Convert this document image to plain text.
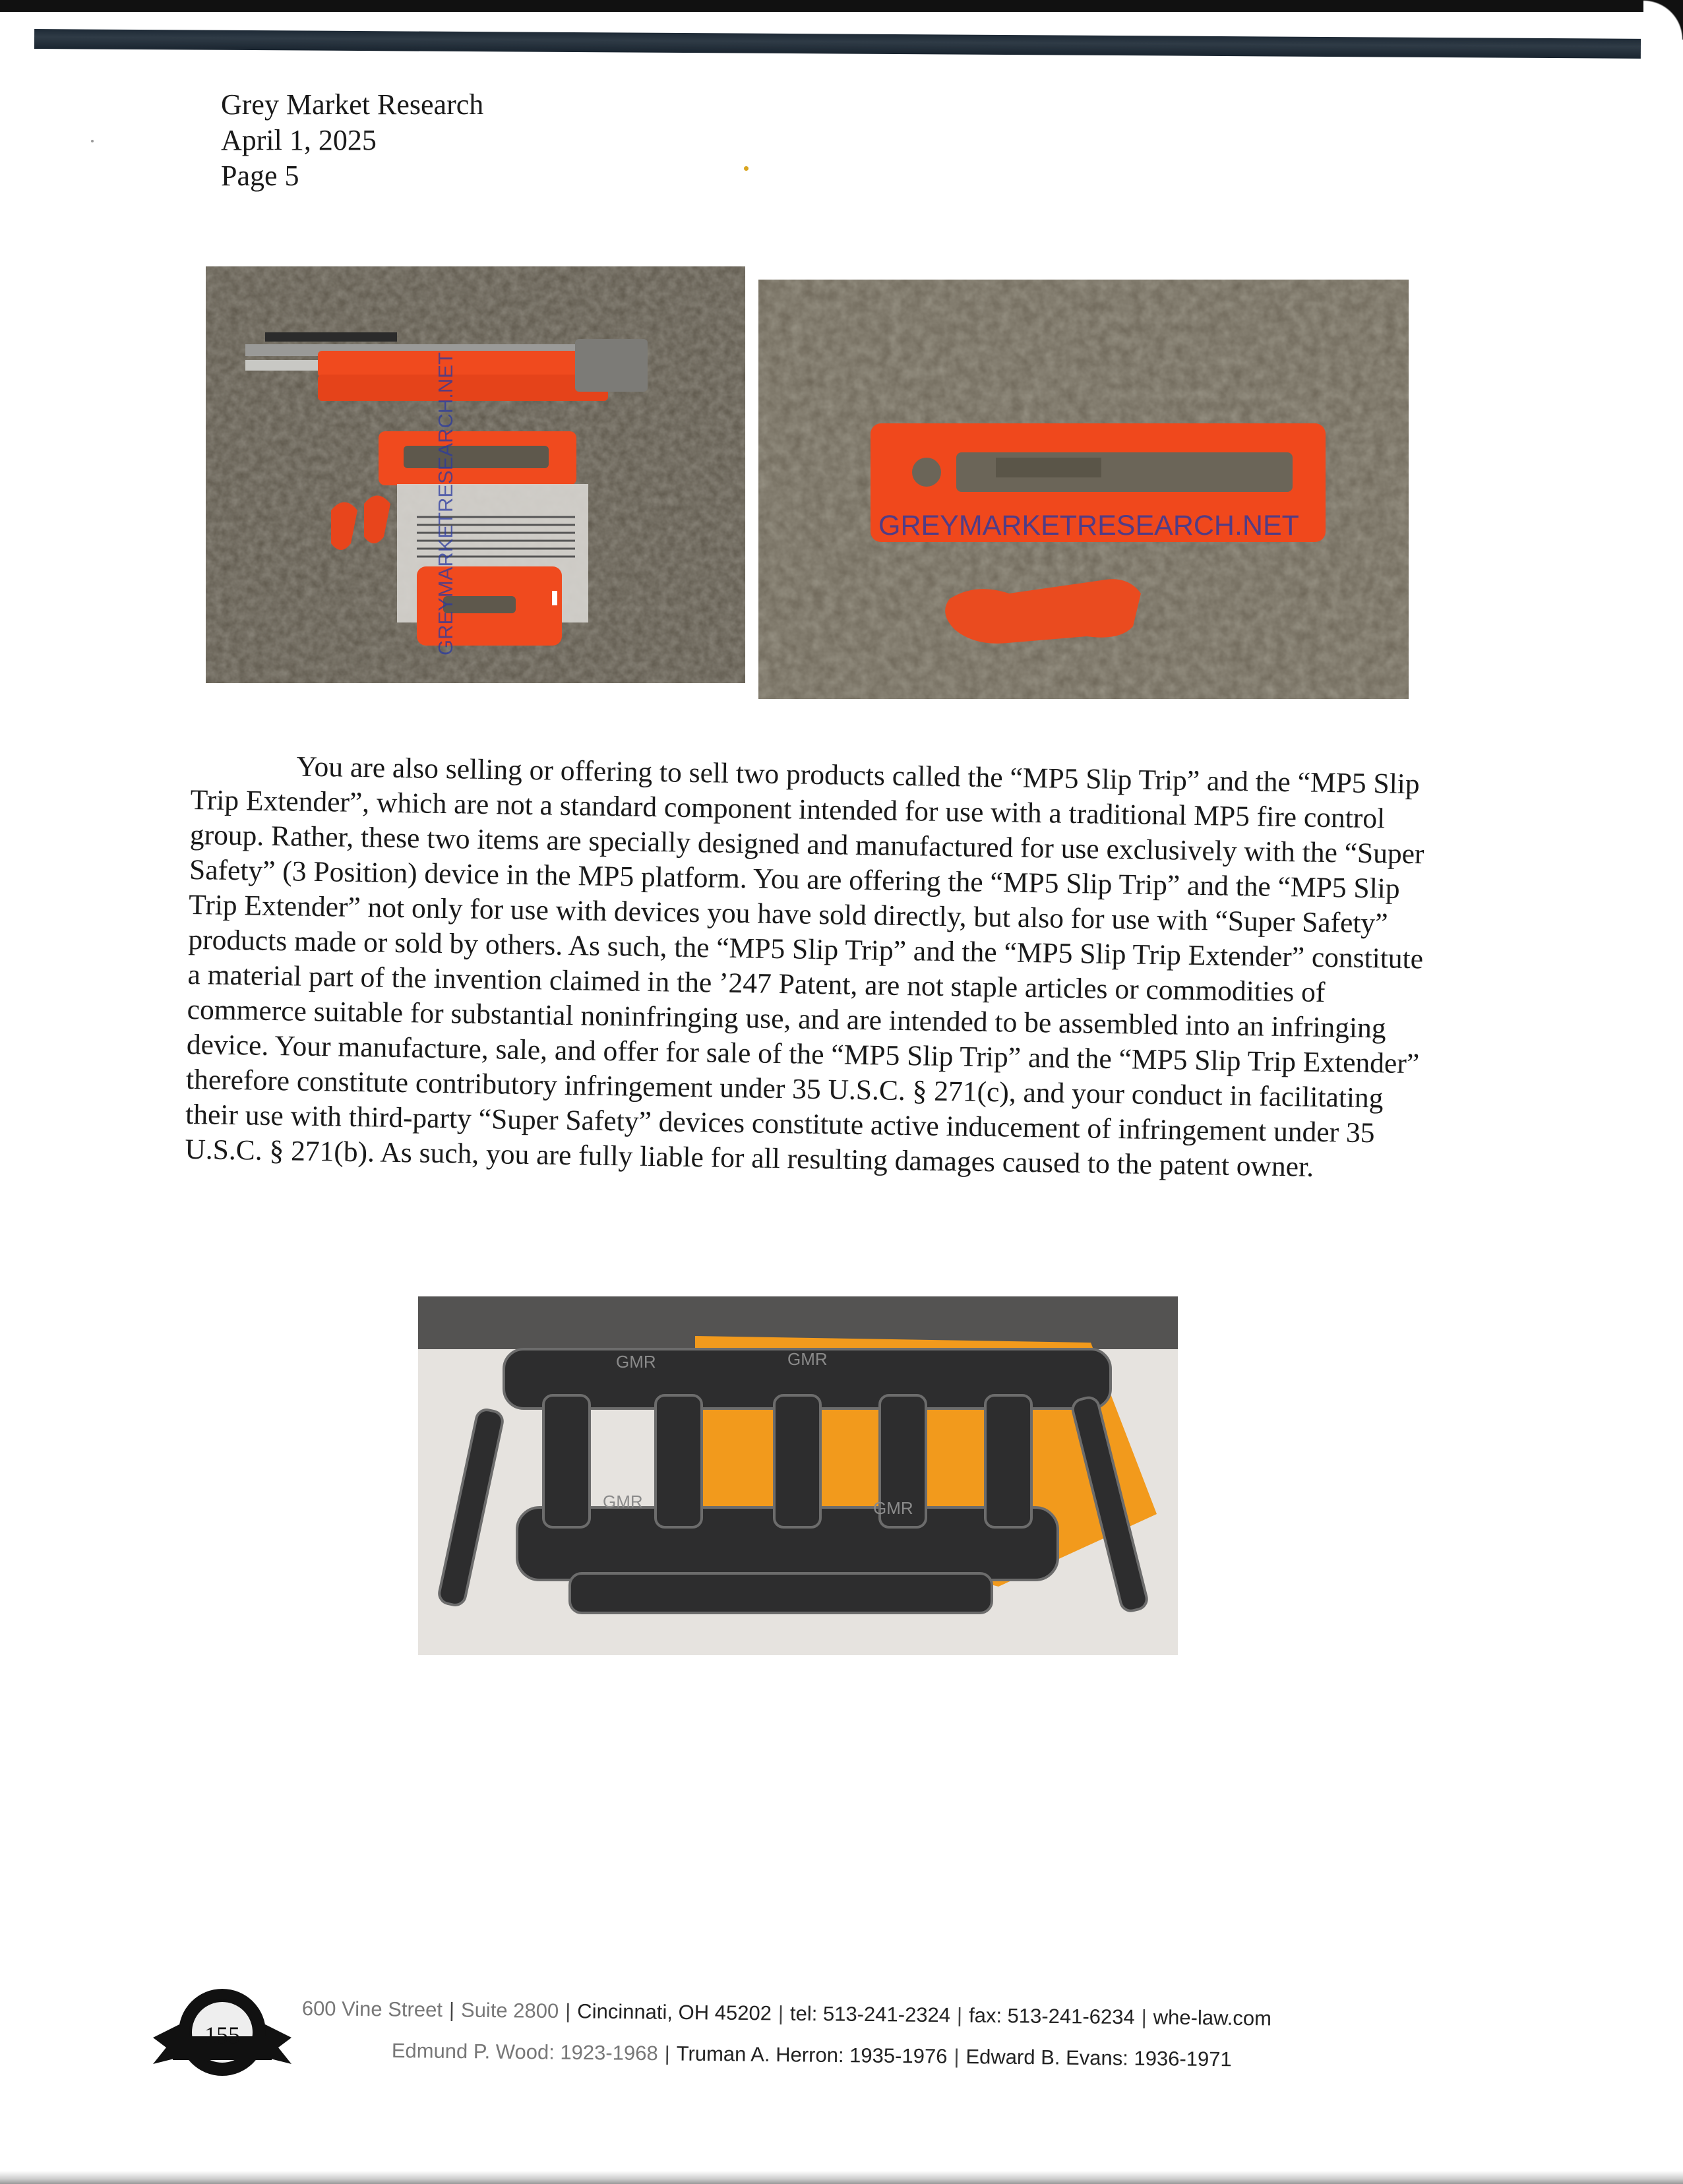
Grey Market Research
April 1, 2025
Page 5
GREYMARKETRESEARCH.NET	GREYMARKETRESEARCH.NET

You are also selling or offering to sell two products called the “MP5 Slip Trip” and the “MP5 Slip Trip Extender”, which are not a standard component intended for use with a traditional MP5 fire control group. Rather, these two items are specially designed and manufactured for use exclusively with the “Super Safety” (3 Position) device in the MP5 platform. You are offering the “MP5 Slip Trip” and the “MP5 Slip Trip Extender” not only for use with devices you have sold directly, but also for use with “Super Safety” products made or sold by others. As such, the “MP5 Slip Trip” and the “MP5 Slip Trip Extender” constitute a material part of the invention claimed in the ’247 Patent, are not staple articles or commodities of commerce suitable for substantial noninfringing use, and are intended to be assembled into an infringing device. Your manufacture, sale, and offer for sale of the “MP5 Slip Trip” and the “MP5 Slip Trip Extender” therefore constitute contributory infringement under 35 U.S.C. § 271(c), and your conduct in facilitating their use with third-party “Super Safety” devices constitute active inducement of infringement under 35 U.S.C. § 271(b). As such, you are fully liable for all resulting damages caused to the patent owner.

GMR	GMR
GMR	GMR
155
600 Vine Street | Suite 2800 | Cincinnati, OH 45202 | tel: 513-241-2324 | fax: 513-241-6234 | whe-law.com
Edmund P. Wood: 1923-1968 | Truman A. Herron: 1935-1976 | Edward B. Evans: 1936-1971
